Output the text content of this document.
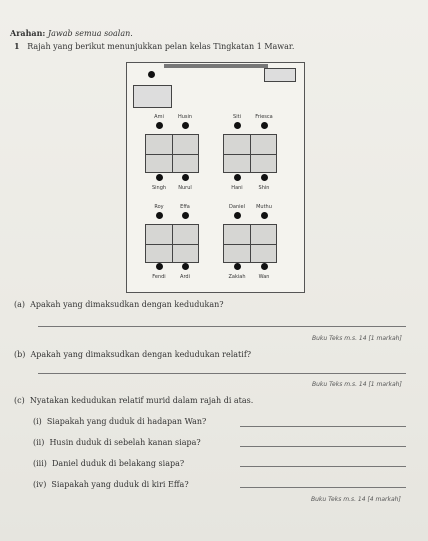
Arahan: Jawab semua soalan.
1 Rajah yang berikut menunjukkan pelan kelas Tingkatan 1 Mawar.
Ami	Husin
Singh Nurul
Siti	Friesca
Hani	Shin
Roy	Effa
Fendi	Ardi
Daniel Muthu
Zakiah	Wan
(a) Apakah yang dimaksudkan dengan kedudukan?
Buku Teks m.s. 14 [1 markah]
(b) Apakah yang dimaksudkan dengan kedudukan relatif?
Buku Teks m.s. 14 [1 markah]
(c) Nyatakan kedudukan relatif murid dalam rajah di atas.
(i) Siapakah yang duduk di hadapan Wan?
(ii) Husin duduk di sebelah kanan siapa?
(iii) Daniel duduk di belakang siapa?
(iv) Siapakah yang duduk di kiri Effa?
Buku Teks m.s. 14 [4 markah]
